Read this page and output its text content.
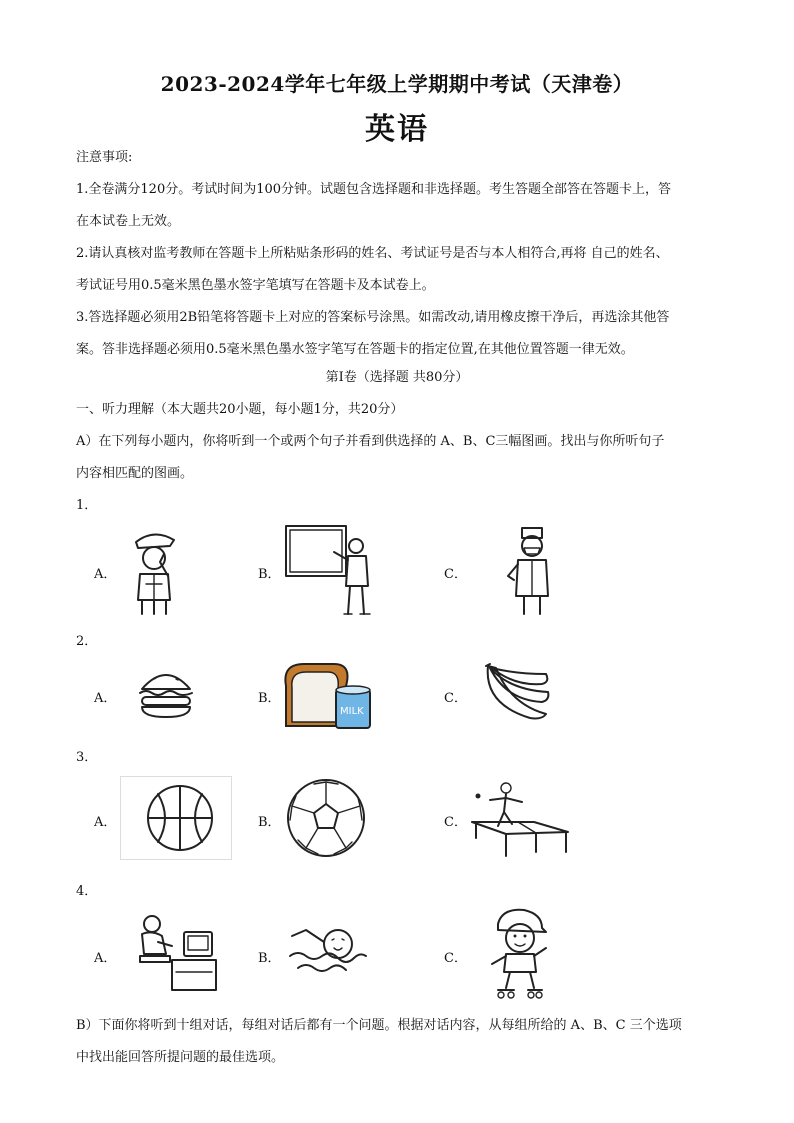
2023-2024学年七年级上学期期中考试（天津卷）
英语
注意事项:
1.全卷满分120分。考试时间为100分钟。试题包含选择题和非选择题。考生答题全部答在答题卡上，答
在本试卷上无效。
2.请认真核对监考教师在答题卡上所粘贴条形码的姓名、考试证号是否与本人相符合,再将 自己的姓名、
考试证号用0.5毫米黑色墨水签字笔填写在答题卡及本试卷上。
3.答选择题必须用2B铅笔将答题卡上对应的答案标号涂黑。如需改动,请用橡皮擦干净后，再选涂其他答
案。答非选择题必须用0.5毫米黑色墨水签字笔写在答题卡的指定位置,在其他位置答题一律无效。
第I卷（选择题 共80分）
一、听力理解（本大题共20小题，每小题1分，共20分）
A）在下列每小题内，你将听到一个或两个句子并看到供选择的 A、B、C三幅图画。找出与你所听句子
内容相匹配的图画。
1．
A．	B．	C．
2．
A．	B．	C．
MILK
3．
A．	B．	C．
4．
A．	B．	C．
B）下面你将听到十组对话，每组对话后都有一个问题。根据对话内容，从每组所给的 A、B、C 三个选项
中找出能回答所提问题的最佳选项。
